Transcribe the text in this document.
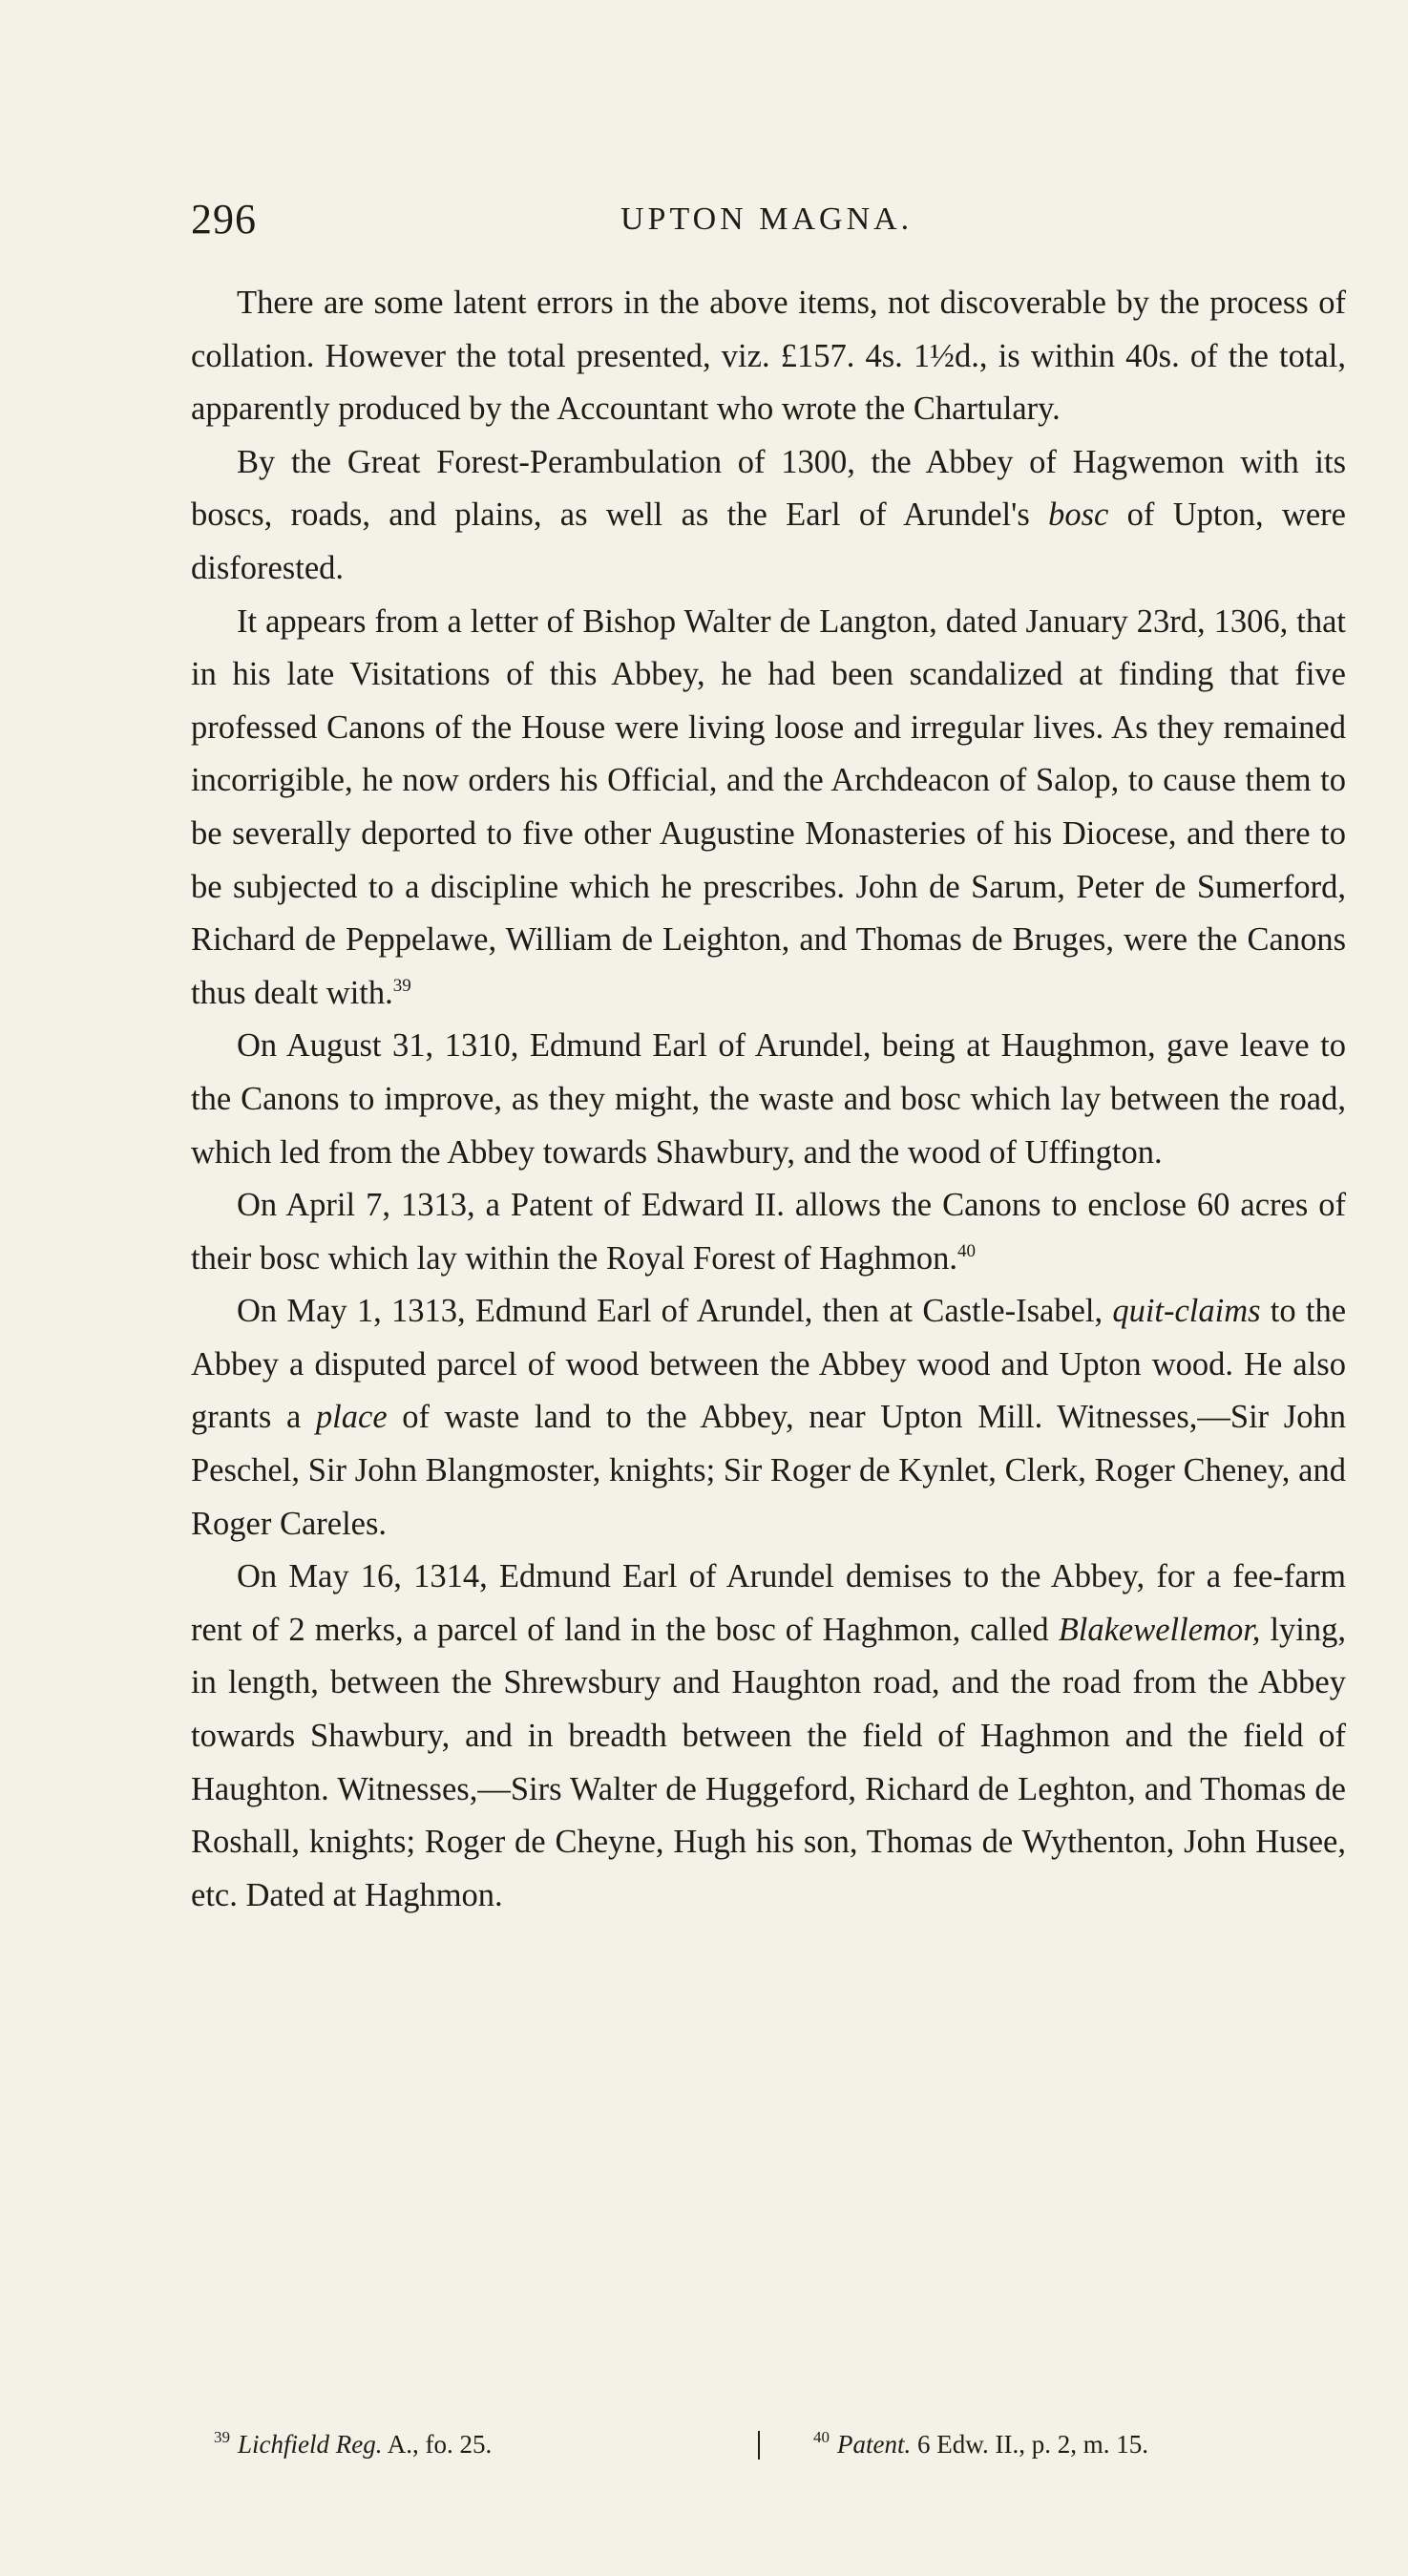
296	UPTON MAGNA.

There are some latent errors in the above items, not discoverable by the process of collation. However the total presented, viz. £157. 4s. 1½d., is within 40s. of the total, apparently produced by the Accountant who wrote the Chartulary.

By the Great Forest-Perambulation of 1300, the Abbey of Hagwemon with its boscs, roads, and plains, as well as the Earl of Arundel's bosc of Upton, were disforested.

It appears from a letter of Bishop Walter de Langton, dated January 23rd, 1306, that in his late Visitations of this Abbey, he had been scandalized at finding that five professed Canons of the House were living loose and irregular lives. As they remained incorrigible, he now orders his Official, and the Archdeacon of Salop, to cause them to be severally deported to five other Augustine Monasteries of his Diocese, and there to be subjected to a discipline which he prescribes. John de Sarum, Peter de Sumerford, Richard de Peppelawe, William de Leighton, and Thomas de Bruges, were the Canons thus dealt with.$^{39}$

On August 31, 1310, Edmund Earl of Arundel, being at Haughmon, gave leave to the Canons to improve, as they might, the waste and bosc which lay between the road, which led from the Abbey towards Shawbury, and the wood of Uffington.

On April 7, 1313, a Patent of Edward II. allows the Canons to enclose 60 acres of their bosc which lay within the Royal Forest of Haghmon.$^{40}$

On May 1, 1313, Edmund Earl of Arundel, then at Castle-Isabel, quit-claims to the Abbey a disputed parcel of wood between the Abbey wood and Upton wood. He also grants a place of waste land to the Abbey, near Upton Mill. Witnesses,—Sir John Peschel, Sir John Blangmoster, knights; Sir Roger de Kynlet, Clerk, Roger Cheney, and Roger Careles.

On May 16, 1314, Edmund Earl of Arundel demises to the Abbey, for a fee-farm rent of 2 merks, a parcel of land in the bosc of Haghmon, called Blakewellemor, lying, in length, between the Shrewsbury and Haughton road, and the road from the Abbey towards Shawbury, and in breadth between the field of Haghmon and the field of Haughton. Witnesses,—Sirs Walter de Huggeford, Richard de Leghton, and Thomas de Roshall, knights; Roger de Cheyne, Hugh his son, Thomas de Wythenton, John Husee, etc. Dated at Haghmon.

$^{39}$ Lichfield Reg. A., fo. 25.	$^{40}$ Patent. 6 Edw. II., p. 2, m. 15.
